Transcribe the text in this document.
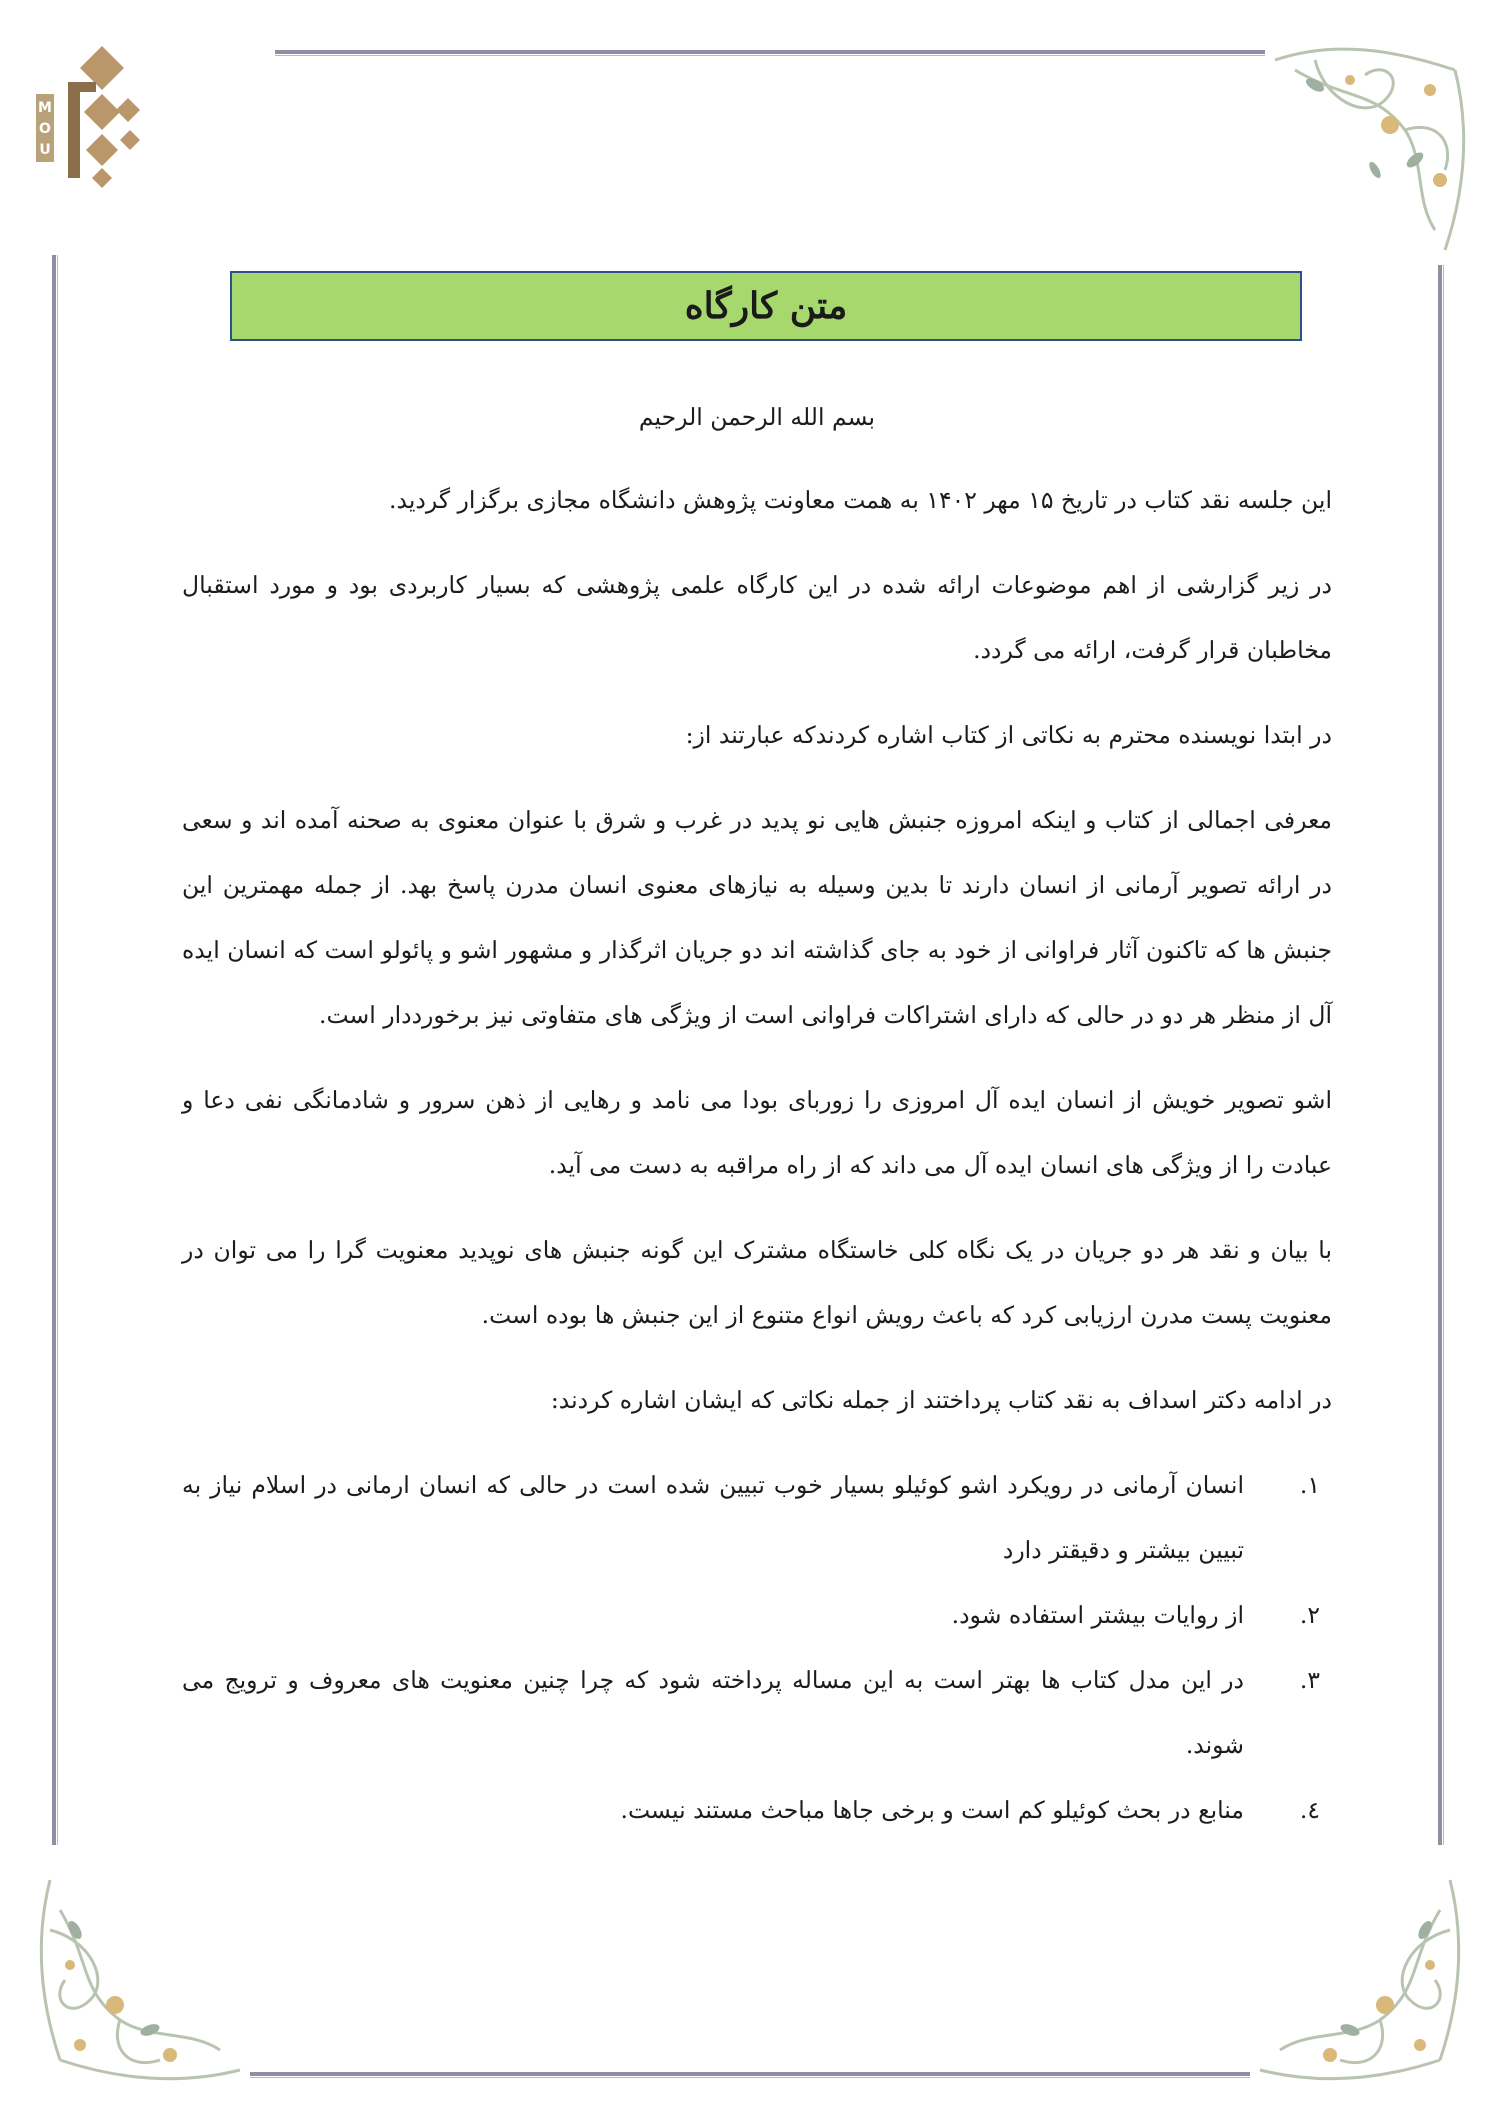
M
O
U
متن کارگاه

بسم الله الرحمن الرحیم

این جلسه نقد کتاب در تاریخ ۱۵ مهر ۱۴۰۲ به همت معاونت پژوهش دانشگاه مجازی برگزار گردید.

در زیر گزارشی از اهم موضوعات ارائه شده در این کارگاه علمی پژوهشی که بسیار کاربردی بود و مورد استقبال مخاطبان قرار گرفت، ارائه می گردد.

در ابتدا نویسنده محترم به نکاتی از کتاب اشاره کردندکه عبارتند از:

معرفی اجمالی از کتاب و اینکه امروزه جنبش هایی نو پدید در غرب و شرق با عنوان معنوی به صحنه آمده اند و سعی در ارائه تصویر آرمانی از انسان دارند تا بدین وسیله به نیازهای معنوی انسان مدرن پاسخ بهد. از جمله مهمترین این جنبش ها که تاکنون آثار فراوانی از خود به جای گذاشته اند دو جریان اثرگذار و مشهور اشو و پائولو است که انسان ایده آل از منظر هر دو در حالی که دارای اشتراکات فراوانی است از ویژگی های متفاوتی نیز برخورددار است.

اشو تصویر خویش از انسان ایده آل امروزی را زوربای بودا می نامد و رهایی از ذهن سرور و شادمانگی نفی دعا و عبادت را از ویژگی های انسان ایده آل می داند که از راه مراقبه به دست می آید.

با بیان و نقد هر دو جریان در یک نگاه کلی خاستگاه مشترک این گونه جنبش های نوپدید معنویت گرا را می توان در معنویت پست مدرن ارزیابی کرد که باعث رویش انواع متنوع از این جنبش ها بوده است.

در ادامه دکتر اسداف به نقد کتاب پرداختند از جمله نکاتی که ایشان اشاره کردند:

۱.
انسان آرمانی در رویکرد اشو کوئیلو بسیار خوب تبیین شده است در حالی که انسان ارمانی در اسلام نیاز به تبیین بیشتر و دقیقتر دارد
۲.
از روایات بیشتر استفاده شود.
۳.
در این مدل کتاب ها بهتر است به این مساله پرداخته شود که چرا چنین معنویت های معروف و ترویج می شوند.
٤.
منابع در بحث کوئیلو کم است و برخی جاها مباحث مستند نیست.
